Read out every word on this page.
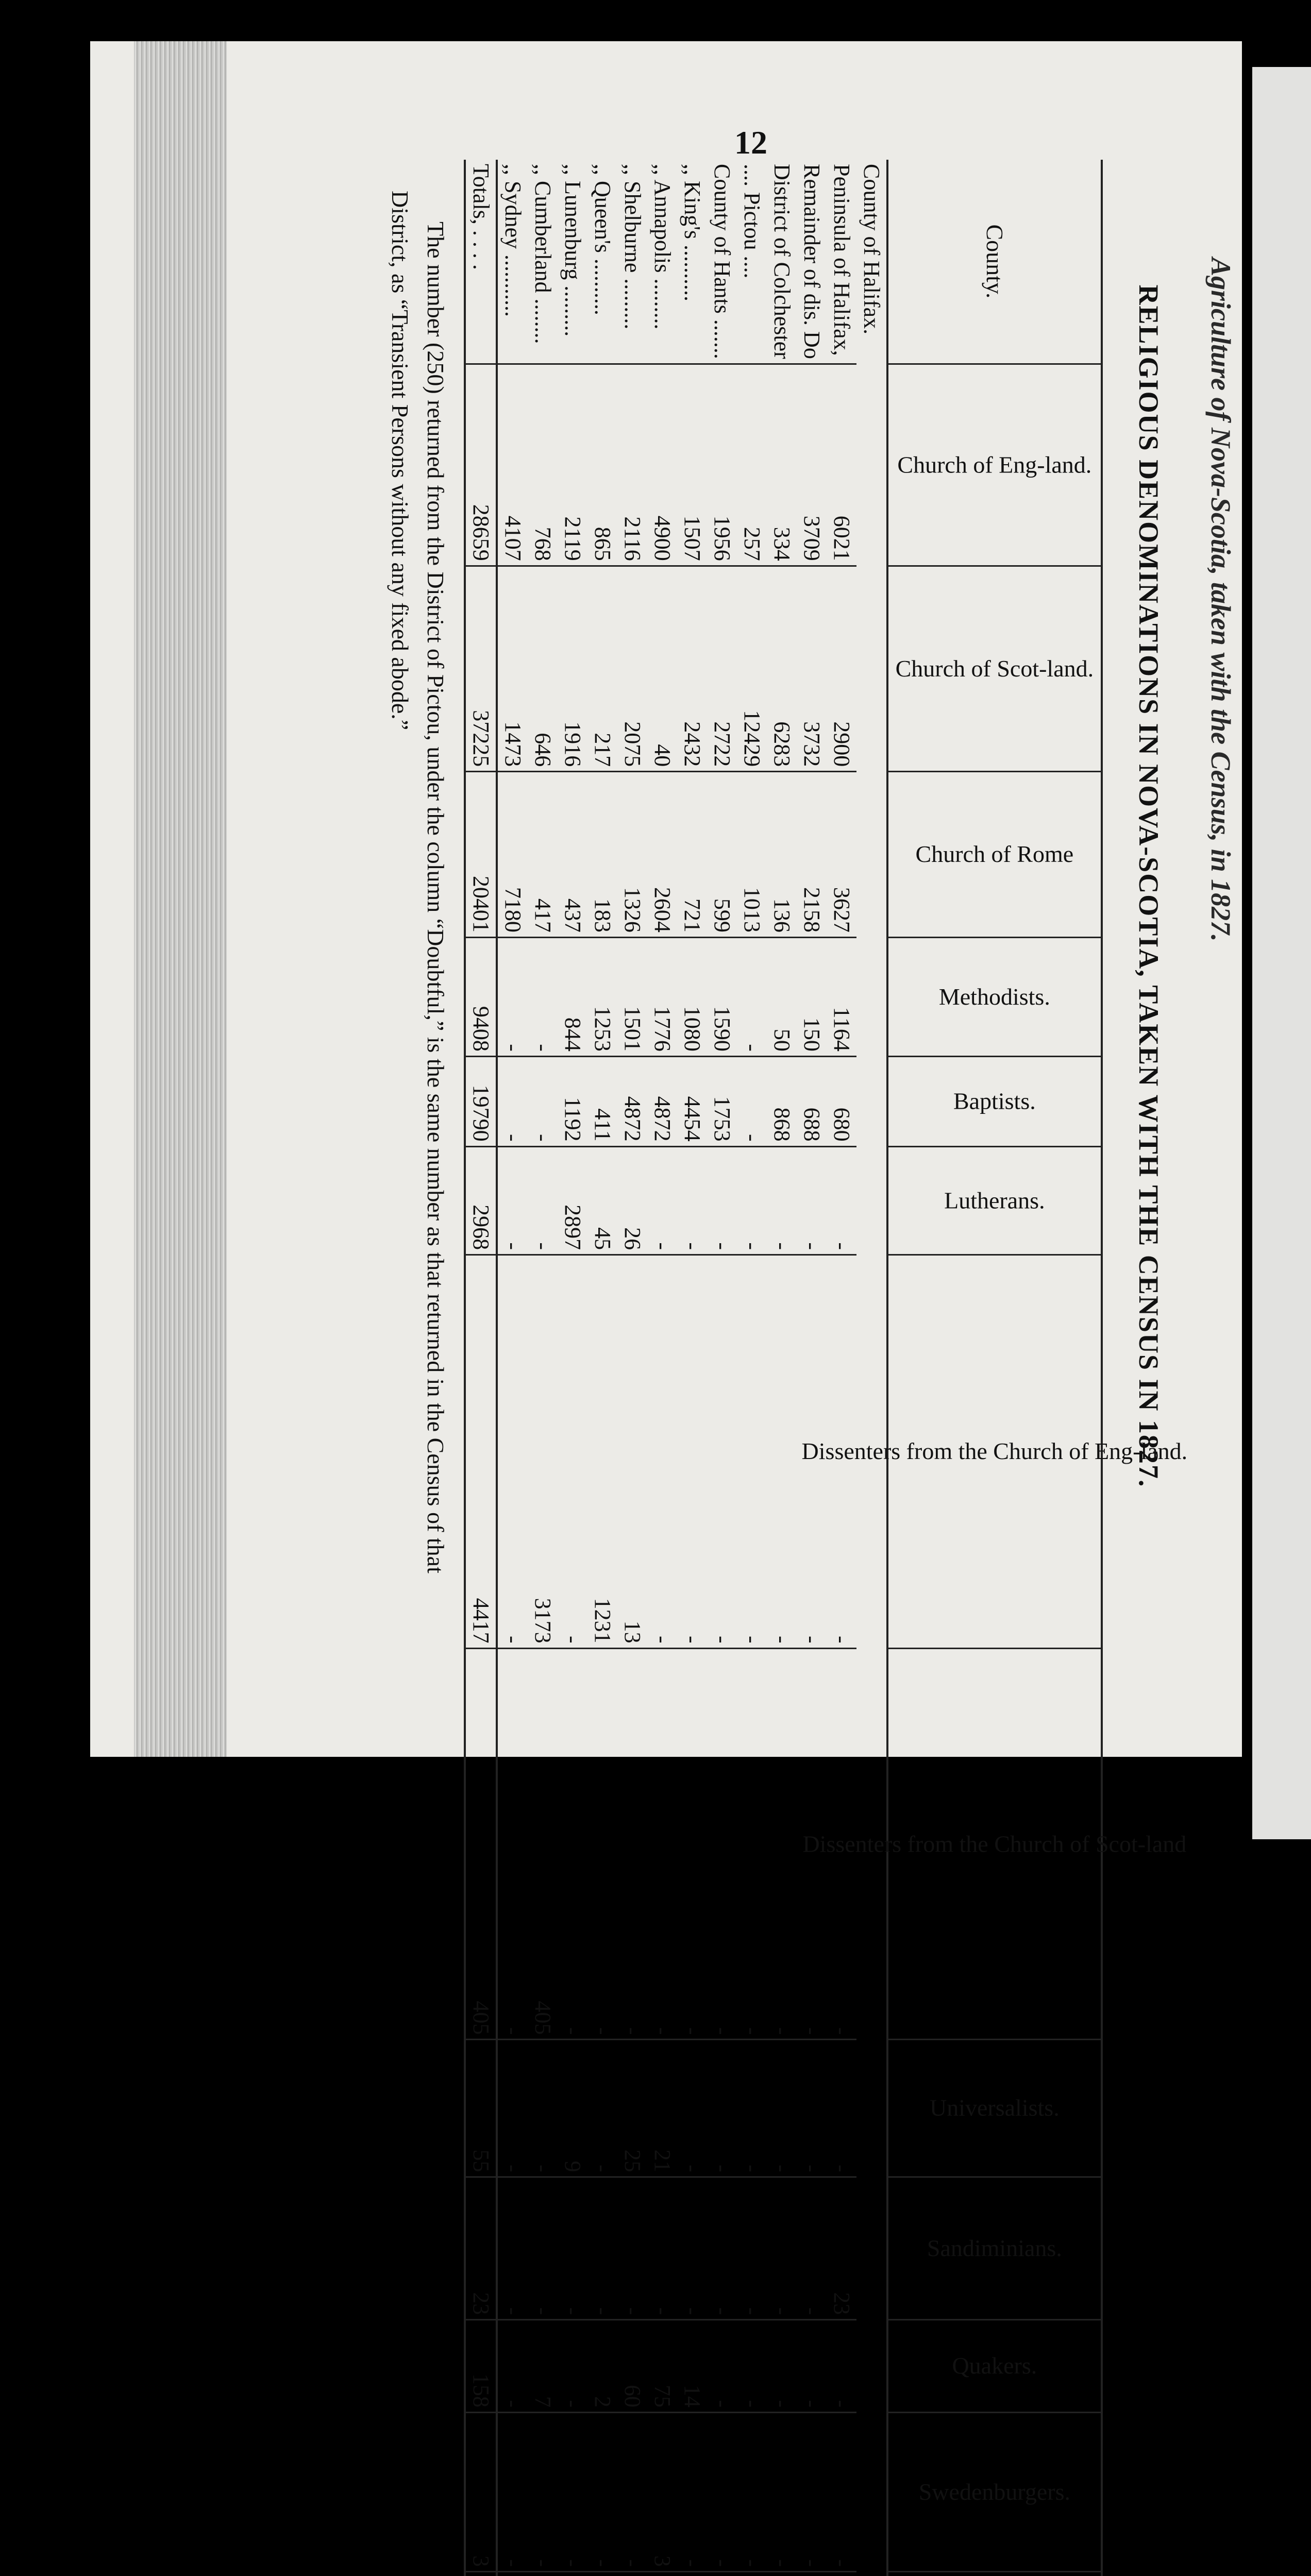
Agriculture of Nova-Scotia, taken with the Census, in 1827.
12
RELIGIOUS DENOMINATIONS IN NOVA-SCOTIA, TAKEN WITH THE CENSUS IN 1827.
County.	Church of Eng-land.	Church of Scot-land.	Church of Rome	Methodists.	Baptists.	Lutherans.	Dissenters from the Church of Eng-land.	Dissenters from the Church of Scot-land	Universalists.	Sandiminians.	Quakers.	Swedenburgers.					
County of Halifax.																	
Peninsula of Halifax,	6021	2900	3627	1164	680	-	-	-	-	23	-	-					
Remainder of dis. Do	3709	3732	2158	150	688	-	-	-	-	-	-	-					
District of Colchester	334	6283	136	50	868	-	-	-	-	-	-	-					
.... Pictou ....	257	12429	1013	-	-	-	-	-	-	-	-	-					
County of Hants .......	1956	2722	599	1590	1753	-	-	-	-	-	-	-					
,, King's ..........	1507	2432	721	1080	4454	-	-	-	-	-	14	-					
,, Annapolis .........	4900	40	2604	1776	4872	-	-	-	21	-	75	3					
,, Shelburne .........	2116	2075	1326	1501	4872	26	13	-	25	-	60	-					
,, Queen's ..........	865	217	183	1253	411	45	1231	-	-	-	2	-					
,, Lunenburg .........	2119	1916	437	844	1192	2897	-	-	9	-	-	-					
,, Cumberland ........	768	646	417	-	-	-	3173	405	-	-	7	-					
,, Sydney ...........	4107	1473	7180	-	-	-	-	-	-	-	-	-					
Totals, . . . .	28659	37225	20401	9408	19790	2968	4417	405	55	23	158	3					
The number (250) returned from the District of Pictou, under the column “Doubtful,” is the same number as that returned in the Census of that District, as “Transient Persons without any fixed abode.”
